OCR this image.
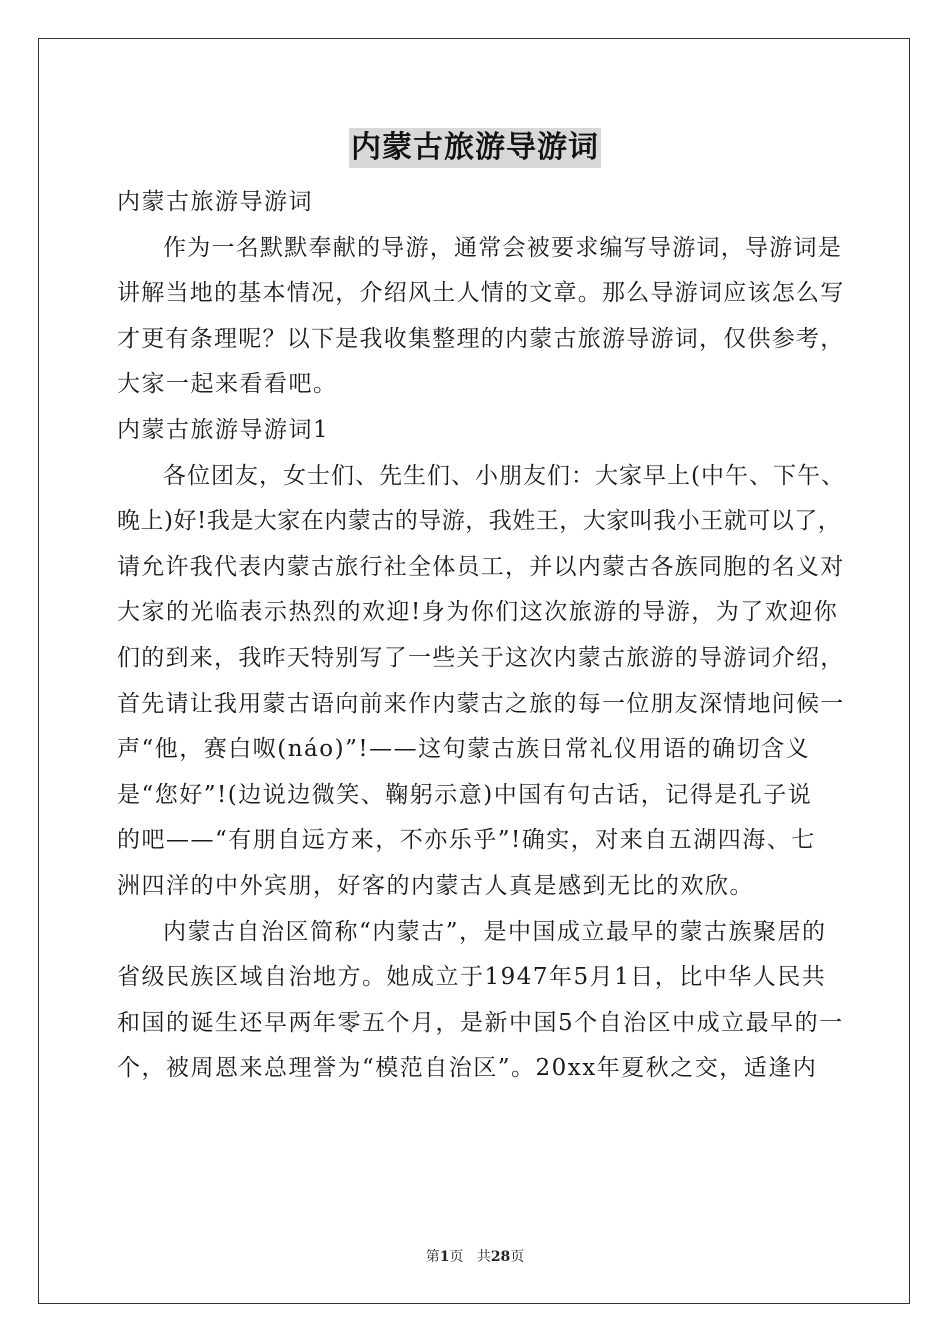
内蒙古旅游导游词
内蒙古旅游导游词
作为一名默默奉献的导游，通常会被要求编写导游词，导游词是
讲解当地的基本情况，介绍风土人情的文章。那么导游词应该怎么写
才更有条理呢？以下是我收集整理的内蒙古旅游导游词，仅供参考，
大家一起来看看吧。
内蒙古旅游导游词1
各位团友，女士们、先生们、小朋友们：大家早上(中午、下午、
晚上)好!我是大家在内蒙古的导游，我姓王，大家叫我小王就可以了，
请允许我代表内蒙古旅行社全体员工，并以内蒙古各族同胞的名义对
大家的光临表示热烈的欢迎!身为你们这次旅游的导游，为了欢迎你
们的到来，我昨天特别写了一些关于这次内蒙古旅游的导游词介绍，
首先请让我用蒙古语向前来作内蒙古之旅的每一位朋友深情地问候一
声“他，赛白呶(náo)”!——这句蒙古族日常礼仪用语的确切含义
是“您好”!(边说边微笑、鞠躬示意)中国有句古话，记得是孔子说
的吧——“有朋自远方来，不亦乐乎”!确实，对来自五湖四海、七
洲四洋的中外宾朋，好客的内蒙古人真是感到无比的欢欣。
内蒙古自治区简称“内蒙古”，是中国成立最早的蒙古族聚居的
省级民族区域自治地方。她成立于1947年5月1日，比中华人民共
和国的诞生还早两年零五个月，是新中国5个自治区中成立最早的一
个，被周恩来总理誉为“模范自治区”。20xx年夏秋之交，适逢内
第1页 共28页
